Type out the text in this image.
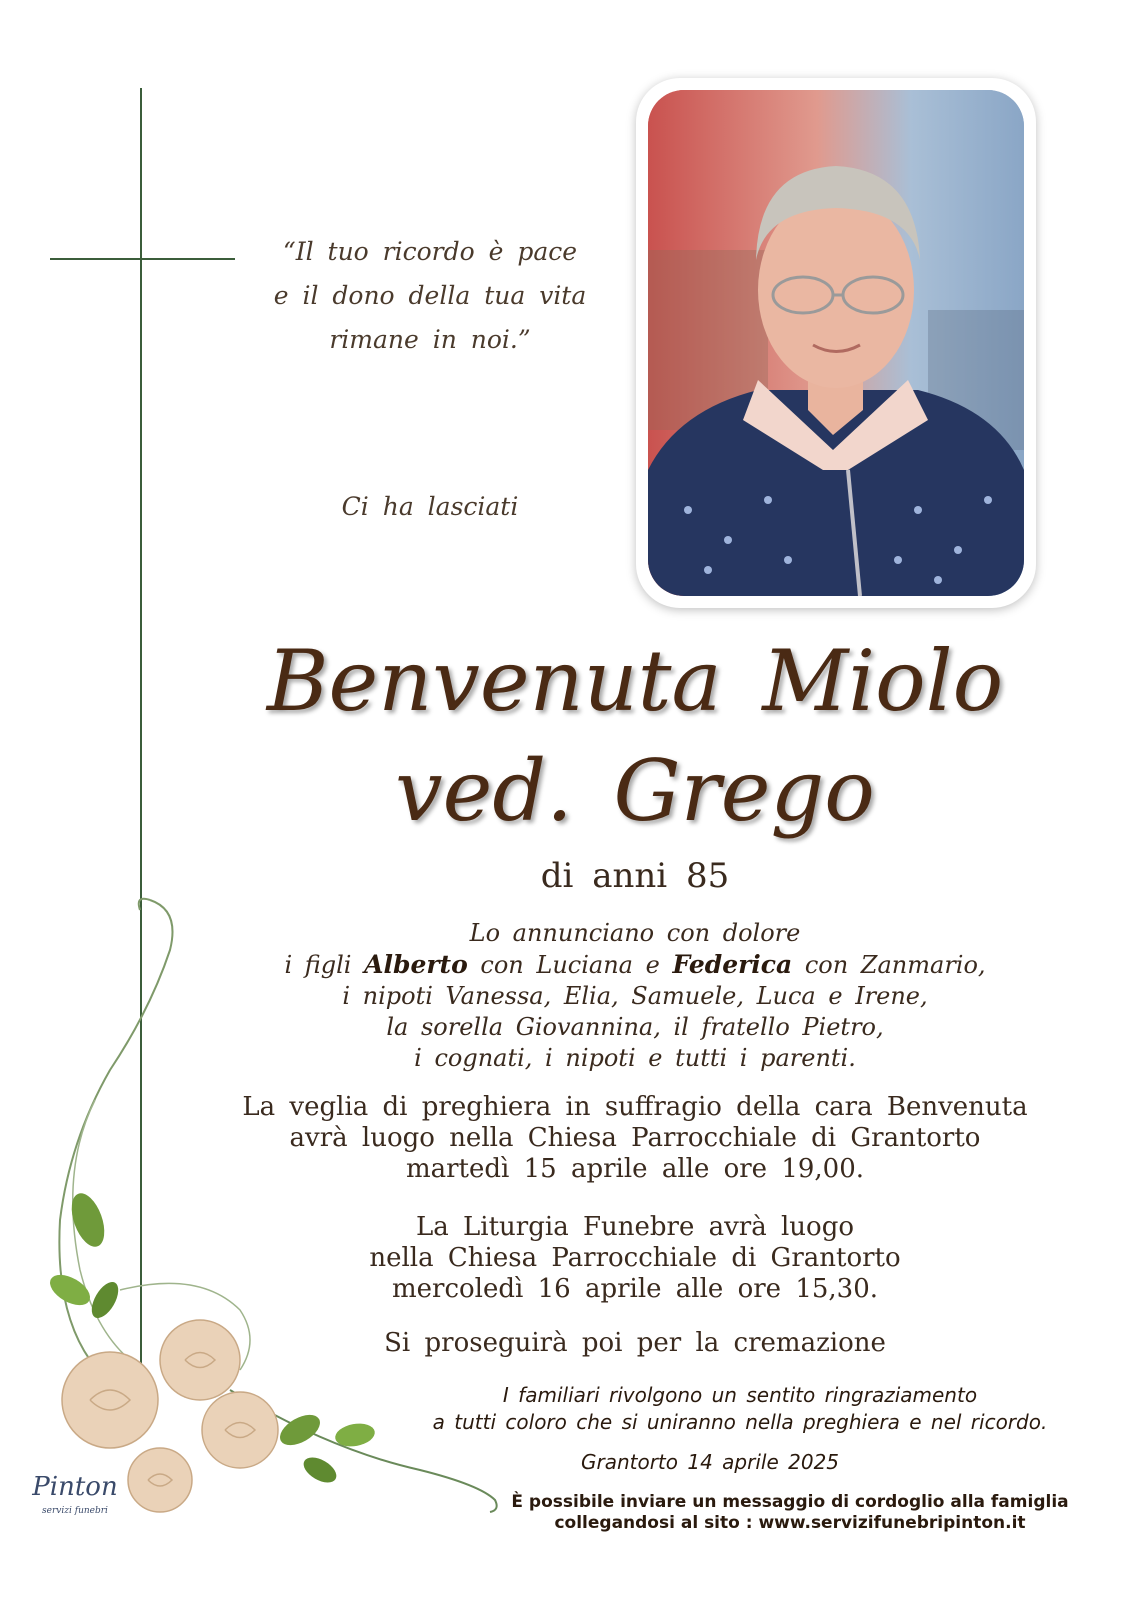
“Il tuo ricordo è pace
e il dono della tua vita
rimane in noi.”
Ci ha lasciati
Benvenuta Miolo
ved. Grego
di anni 85
Lo annunciano con dolore
i figli Alberto con Luciana e Federica con Zanmario,
i nipoti Vanessa, Elia, Samuele, Luca e Irene,
la sorella Giovannina, il fratello Pietro,
i cognati, i nipoti e tutti i parenti.
La veglia di preghiera in suffragio della cara Benvenuta
avrà luogo nella Chiesa Parrocchiale di Grantorto
martedì 15 aprile alle ore 19,00.
La Liturgia Funebre avrà luogo
nella Chiesa Parrocchiale di Grantorto
mercoledì 16 aprile alle ore 15,30.
Si proseguirà poi per la cremazione
I familiari rivolgono un sentito ringraziamento
a tutti coloro che si uniranno nella preghiera e nel ricordo.
Grantorto 14 aprile 2025
È possibile inviare un messaggio di cordoglio alla famiglia
collegandosi al sito : www.servizifunebripinton.it
Pinton
servizi funebri
